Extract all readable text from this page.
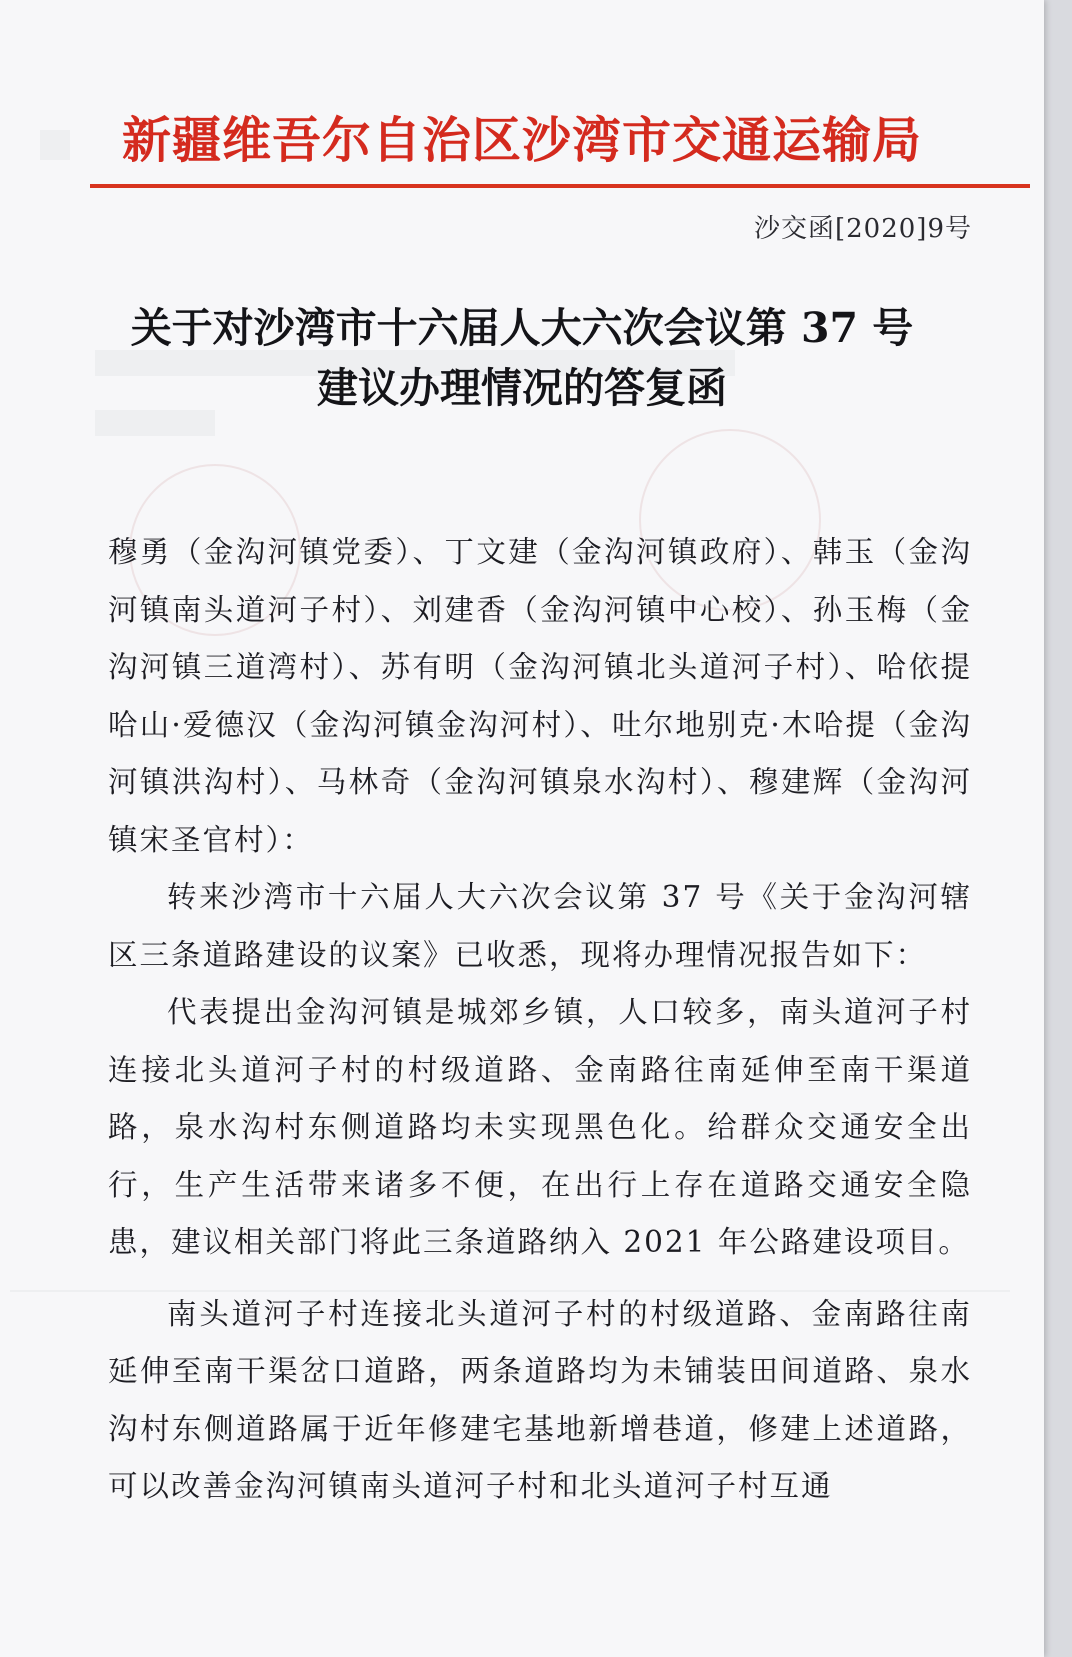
新疆维吾尔自治区沙湾市交通运输局

沙交函[2020]9号

关于对沙湾市十六届人大六次会议第 37 号
建议办理情况的答复函

穆勇（金沟河镇党委）、丁文建（金沟河镇政府）、韩玉（金沟河镇南头道河子村）、刘建香（金沟河镇中心校）、孙玉梅（金沟河镇三道湾村）、苏有明（金沟河镇北头道河子村）、哈依提哈山·爱德汉（金沟河镇金沟河村）、吐尔地别克·木哈提（金沟河镇洪沟村）、马林奇（金沟河镇泉水沟村）、穆建辉（金沟河镇宋圣官村）：

转来沙湾市十六届人大六次会议第 37 号《关于金沟河辖区三条道路建设的议案》已收悉，现将办理情况报告如下：

代表提出金沟河镇是城郊乡镇，人口较多，南头道河子村连接北头道河子村的村级道路、金南路往南延伸至南干渠道路，泉水沟村东侧道路均未实现黑色化。给群众交通安全出行，生产生活带来诸多不便，在出行上存在道路交通安全隐患，建议相关部门将此三条道路纳入 2021 年公路建设项目。

南头道河子村连接北头道河子村的村级道路、金南路往南延伸至南干渠岔口道路，两条道路均为未铺装田间道路、泉水沟村东侧道路属于近年修建宅基地新增巷道，修建上述道路，可以改善金沟河镇南头道河子村和北头道河子村互通
